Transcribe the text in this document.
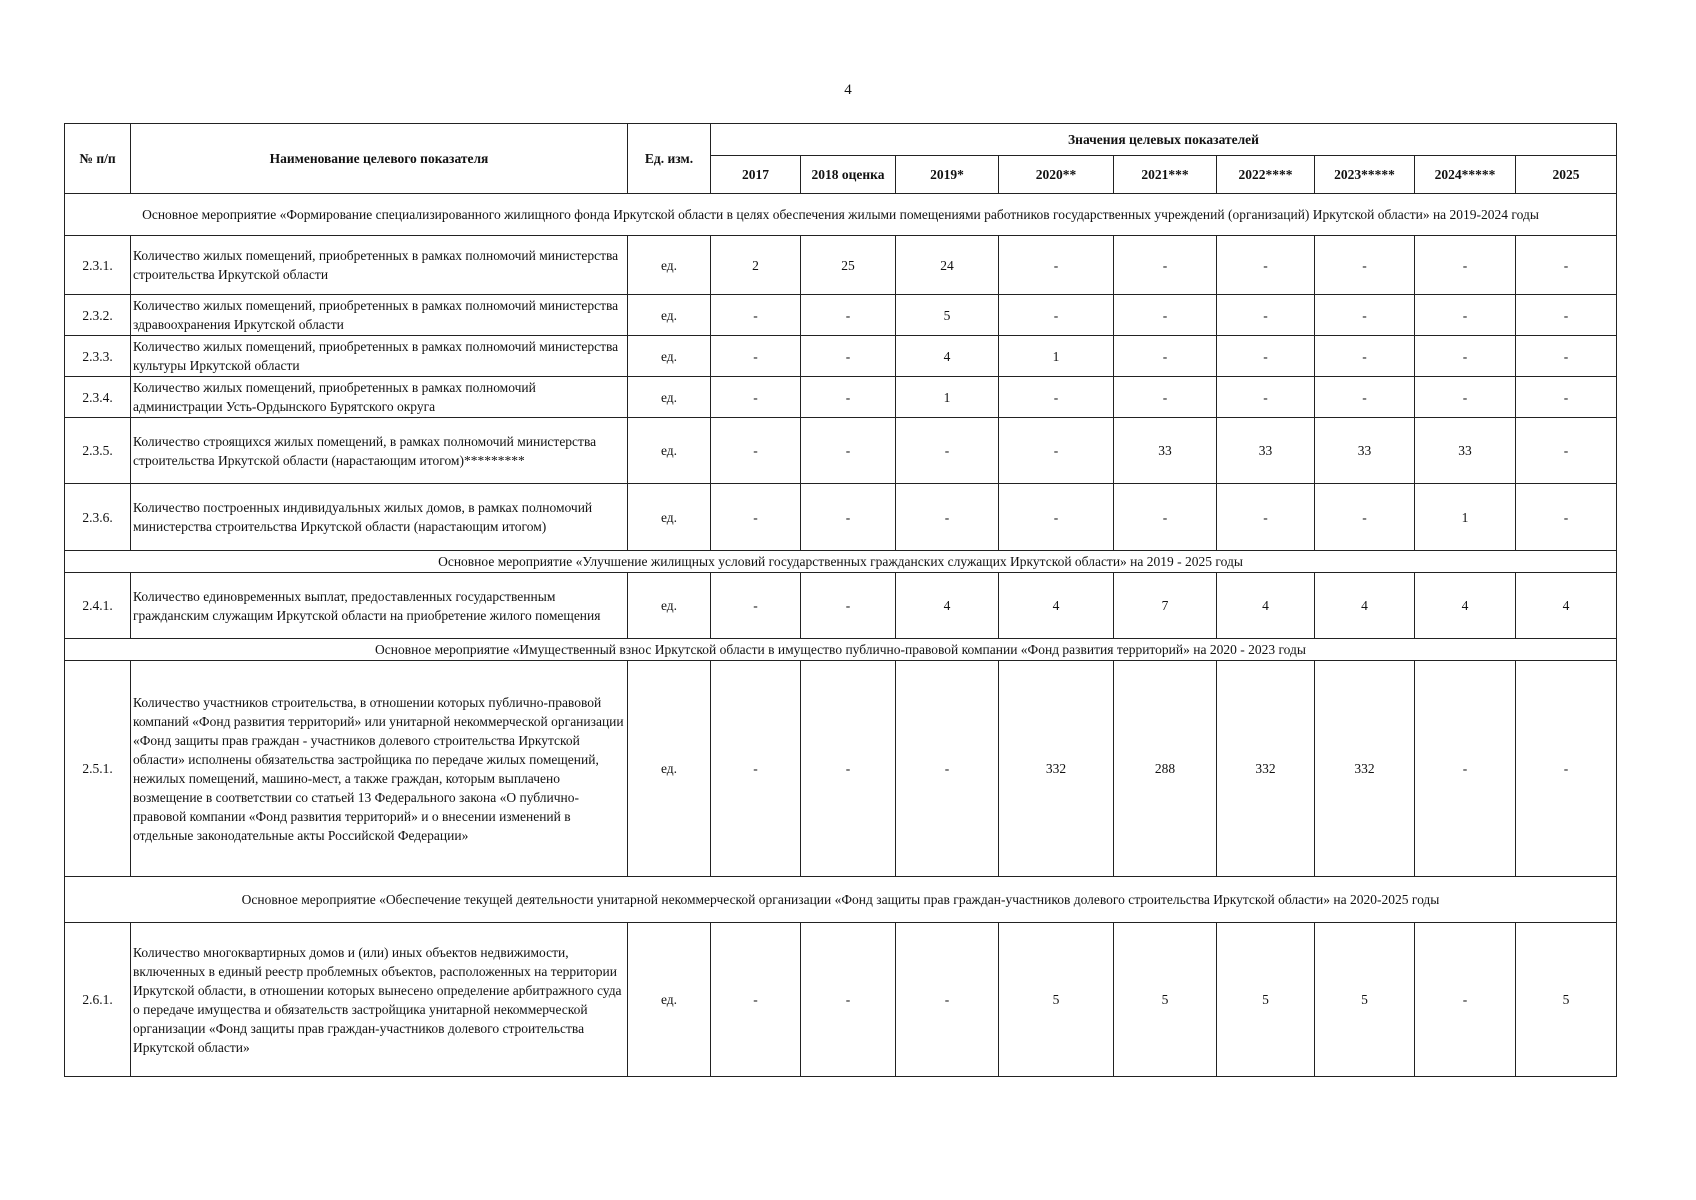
4
№ п/п	Наименование целевого показателя	Ед. изм.	Значения целевых показателей								
			2017	2018 оценка	2019*	2020**	2021***	2022****	2023*****	2024*****	2025
Основное мероприятие «Формирование специализированного жилищного фонда Иркутской области в целях обеспечения жилыми помещениями работников государственных учреждений (организаций) Иркутской области» на 2019-2024 годы											
2.3.1.	Количество жилых помещений, приобретенных в рамках полномочий министерства строительства Иркутской области	ед.	2	25	24	-	-	-	-	-	-
2.3.2.	Количество жилых помещений, приобретенных в рамках полномочий министерства здравоохранения Иркутской области	ед.	-	-	5	-	-	-	-	-	-
2.3.3.	Количество жилых помещений, приобретенных в рамках полномочий министерства культуры Иркутской области	ед.	-	-	4	1	-	-	-	-	-
2.3.4.	Количество жилых помещений, приобретенных в рамках полномочий администрации Усть-Ордынского Бурятского округа	ед.	-	-	1	-	-	-	-	-	-
2.3.5.	Количество строящихся жилых помещений, в рамках полномочий министерства строительства Иркутской области (нарастающим итогом)*********	ед.	-	-	-	-	33	33	33	33	-
2.3.6.	Количество построенных индивидуальных жилых домов, в рамках полномочий министерства строительства Иркутской области (нарастающим итогом)	ед.	-	-	-	-	-	-	-	1	-
Основное мероприятие «Улучшение жилищных условий государственных гражданских служащих Иркутской области» на 2019 - 2025 годы											
2.4.1.	Количество единовременных выплат, предоставленных государственным гражданским служащим Иркутской области на приобретение жилого помещения	ед.	-	-	4	4	7	4	4	4	4
Основное мероприятие «Имущественный взнос Иркутской области в имущество публично-правовой компании «Фонд развития территорий» на 2020 - 2023 годы											
2.5.1.	Количество участников строительства, в отношении которых публично-правовой компаний «Фонд развития территорий» или унитарной некоммерческой организации «Фонд защиты прав граждан - участников долевого строительства Иркутской области» исполнены обязательства застройщика по передаче жилых помещений, нежилых помещений, машино-мест, а также граждан, которым выплачено возмещение в соответствии со статьей 13 Федерального закона «О публично-правовой компании «Фонд развития территорий» и о внесении изменений в отдельные законодательные акты Российской Федерации»	ед.	-	-	-	332	288	332	332	-	-
Основное мероприятие «Обеспечение текущей деятельности унитарной некоммерческой организации «Фонд защиты прав граждан-участников долевого строительства Иркутской области» на 2020-2025 годы											
2.6.1.	Количество многоквартирных домов и (или) иных объектов недвижимости, включенных в единый реестр проблемных объектов, расположенных на территории Иркутской области, в отношении которых вынесено определение арбитражного суда о передаче имущества и обязательств застройщика унитарной некоммерческой организации «Фонд защиты прав граждан-участников долевого строительства Иркутской области»	ед.	-	-	-	5	5	5	5	-	5
